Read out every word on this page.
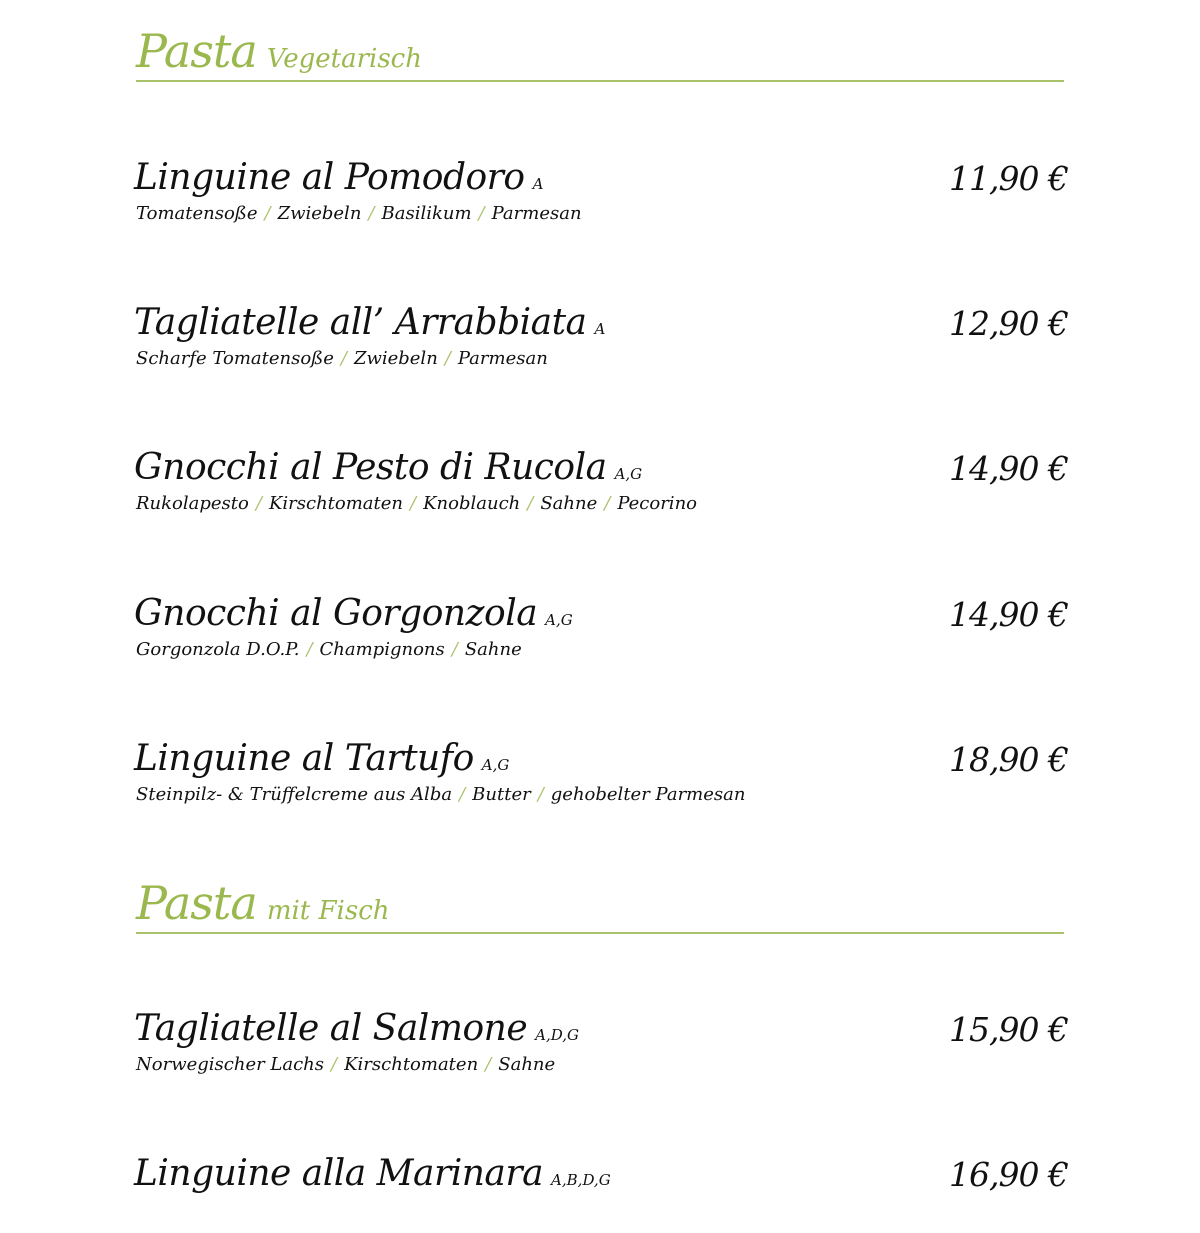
Pasta Vegetarisch
Linguine al Pomodoro A	11,90 €
Tomatensoße / Zwiebeln / Basilikum / Parmesan
Tagliatelle all’ Arrabbiata A	12,90 €
Scharfe Tomatensoße / Zwiebeln / Parmesan
Gnocchi al Pesto di Rucola A,G	14,90 €
Rukolapesto / Kirschtomaten / Knoblauch / Sahne / Pecorino
Gnocchi al Gorgonzola A,G	14,90 €
Gorgonzola D.O.P. / Champignons / Sahne
Linguine al Tartufo A,G	18,90 €
Steinpilz- & Trüffelcreme aus Alba / Butter / gehobelter Parmesan
Pasta mit Fisch
Tagliatelle al Salmone A,D,G	15,90 €
Norwegischer Lachs / Kirschtomaten / Sahne
Linguine alla Marinara A,B,D,G	16,90 €
